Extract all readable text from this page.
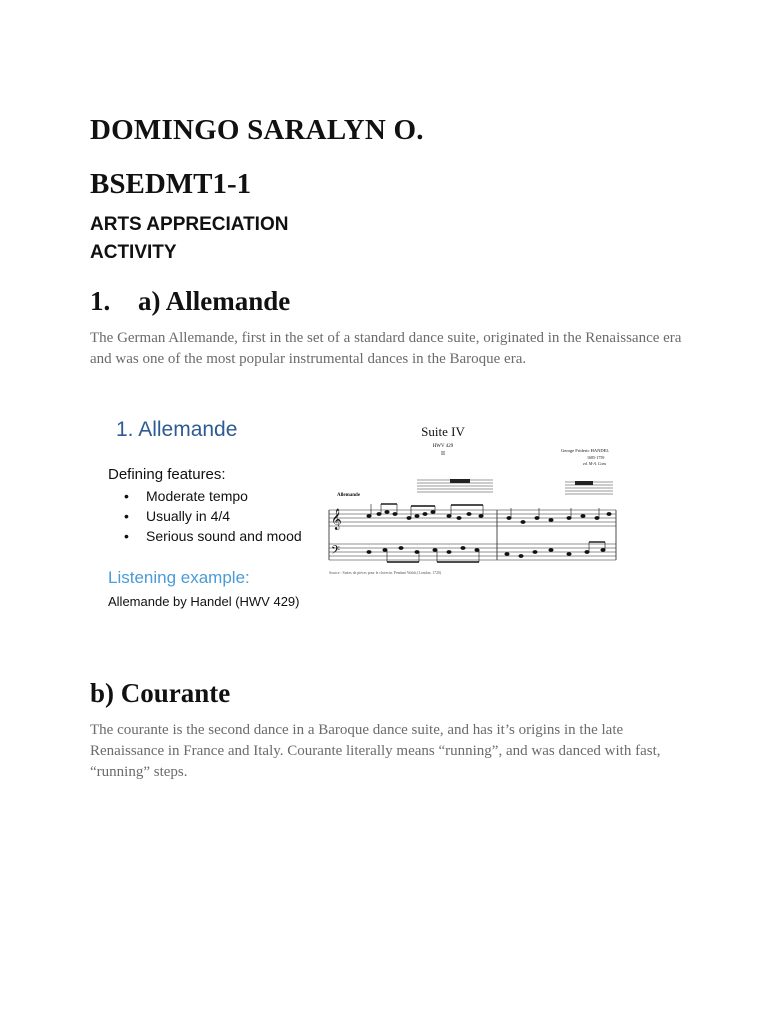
DOMINGO SARALYN O.
BSEDMT1-1
ARTS APPRECIATION
ACTIVITY
1. a) Allemande
The German Allemande, first in the set of a standard dance suite, originated in the Renaissance era and was one of the most popular instrumental dances in the Baroque era.
1. Allemande
Defining features:
• Moderate tempo
• Usually in 4/4
• Serious sound and mood
Listening example:
Allemande by Handel (HWV 429)
Suite IV
HWV 429
II
George Frideric HANDEL
1685-1759
ed. M-A. Cons
Allemande
𝄞
𝄢
Source : Suites de pièces pour le clavecin. Pendant Walsh (London, 1720)
b) Courante
The courante is the second dance in a Baroque dance suite, and has it’s origins in the late Renaissance in France and Italy. Courante literally means “running”, and was danced with fast, “running” steps.
